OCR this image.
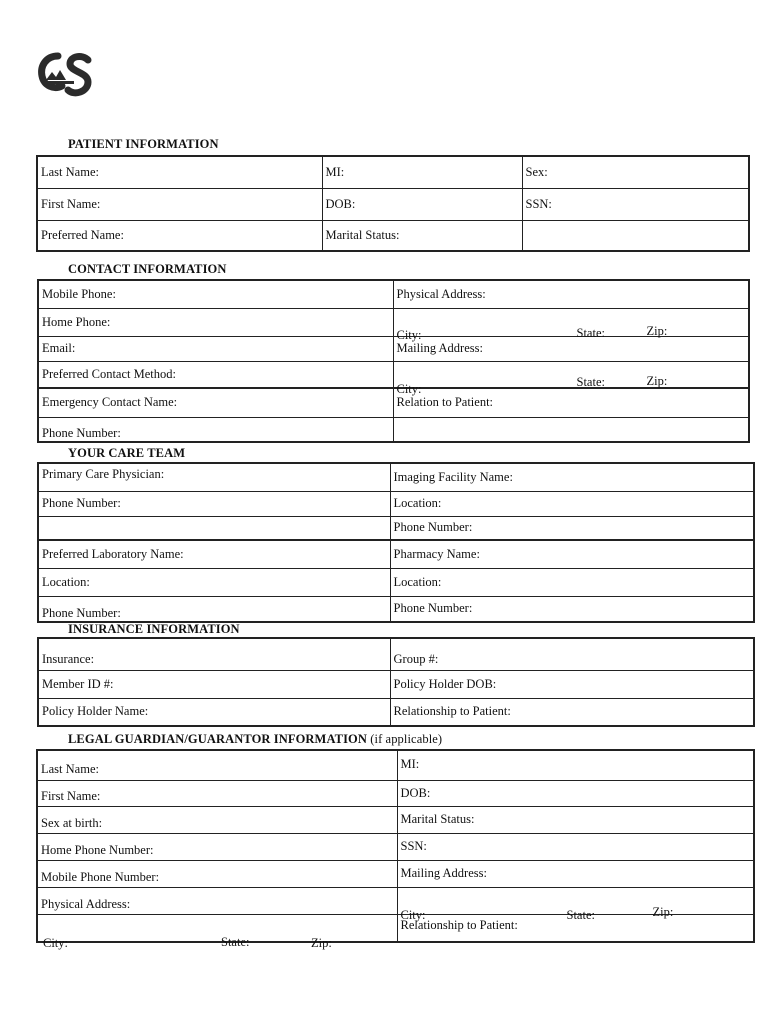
PATIENT INFORMATION
Last Name:	MI:	Sex:
First Name:	DOB:	SSN:
Preferred Name:	Marital Status:	
CONTACT INFORMATION
Mobile Phone:	Physical Address:
Home Phone:	City: State: Zip:

Email:	Mailing Address:
Preferred Contact Method:	City: State: Zip:

Emergency Contact Name:	Relation to Patient:
Phone Number:	
YOUR CARE TEAM
Primary Care Physician:	Imaging Facility Name:
Phone Number:	Location:
	Phone Number:
Preferred Laboratory Name:	Pharmacy Name:
Location:	Location:
Phone Number:	Phone Number:
INSURANCE INFORMATION
Insurance:	Group #:
Member ID #:	Policy Holder DOB:
Policy Holder Name:	Relationship to Patient:
LEGAL GUARDIAN/GUARANTOR INFORMATION (if applicable)
Last Name:	MI:
First Name:	DOB:
Sex at birth:	Marital Status:
Home Phone Number:	SSN:
Mobile Phone Number:	Mailing Address:
Physical Address:	City: State: Zip:

City: State: Zip:	Relationship to Patient:
